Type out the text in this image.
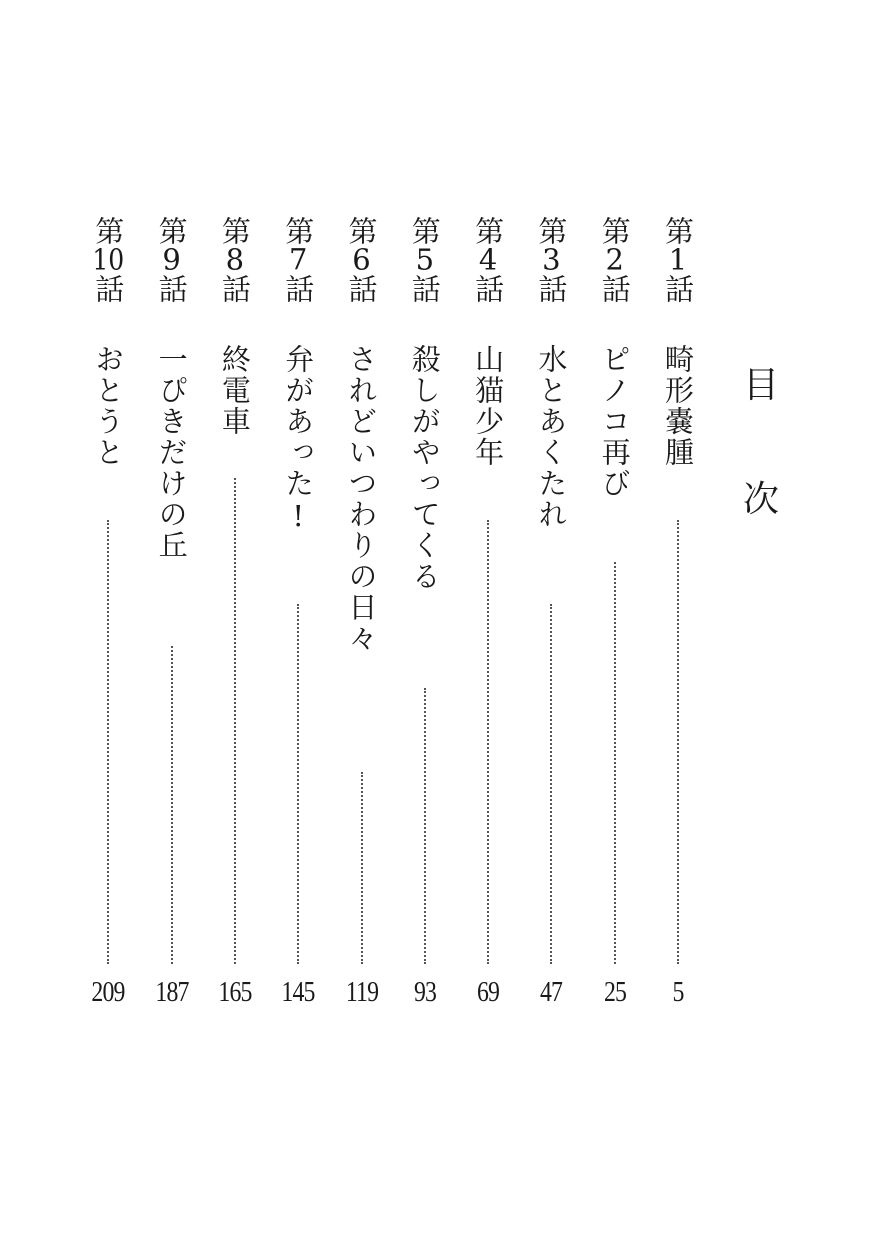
目
次
第1話
畸形嚢腫
5
第2話
ピノコ再び
25
第3話
水とあくたれ
47
第4話
山猫少年
69
第5話
殺しがやってくる
93
第6話
されどいつわりの日々
119
第7話
弁があった!
145
第8話
終電車
165
第9話
一ぴきだけの丘
187
第10話
おとうと
209
